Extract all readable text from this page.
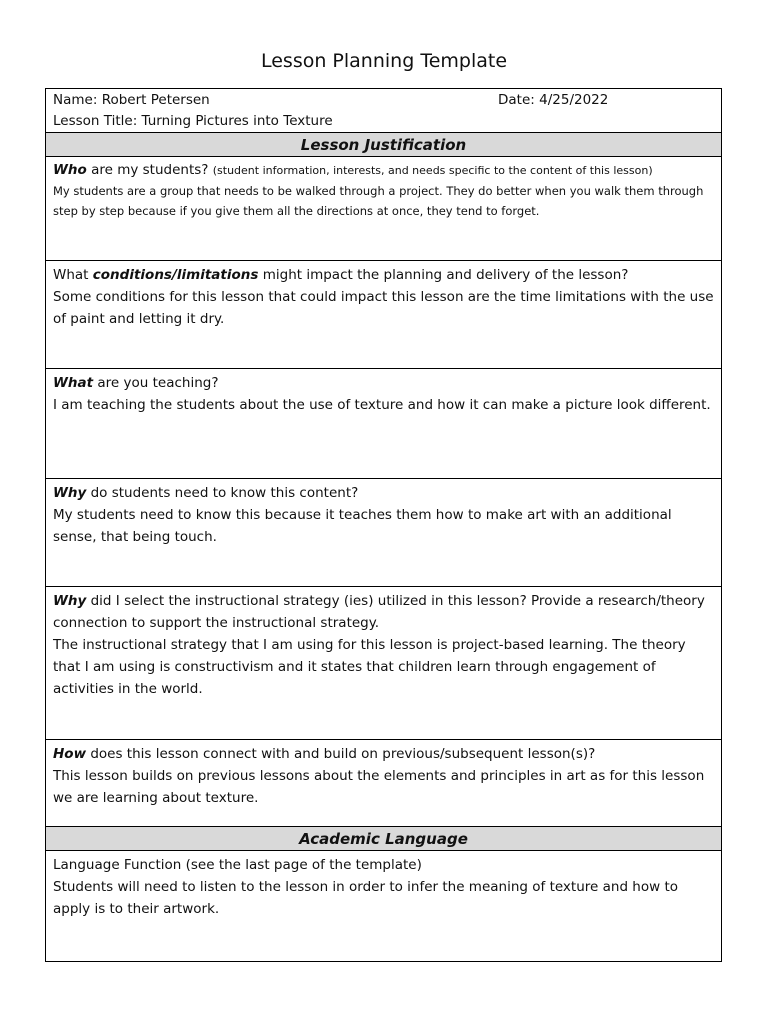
Lesson Planning Template
Name: Robert Petersen	Date: 4/25/2022
Lesson Title: Turning Pictures into Texture
Lesson Justification
Who are my students? (student information, interests, and needs specific to the content of this lesson)
My students are a group that needs to be walked through a project. They do better when you walk them through step by step because if you give them all the directions at once, they tend to forget.
What conditions/limitations might impact the planning and delivery of the lesson?
Some conditions for this lesson that could impact this lesson are the time limitations with the use of paint and letting it dry.
What are you teaching?
I am teaching the students about the use of texture and how it can make a picture look different.
Why do students need to know this content?
My students need to know this because it teaches them how to make art with an additional sense, that being touch.
Why did I select the instructional strategy (ies) utilized in this lesson? Provide a research/theory connection to support the instructional strategy.
The instructional strategy that I am using for this lesson is project-based learning. The theory that I am using is constructivism and it states that children learn through engagement of activities in the world.
How does this lesson connect with and build on previous/subsequent lesson(s)?
This lesson builds on previous lessons about the elements and principles in art as for this lesson we are learning about texture.
Academic Language
Language Function (see the last page of the template)
Students will need to listen to the lesson in order to infer the meaning of texture and how to apply is to their artwork.
